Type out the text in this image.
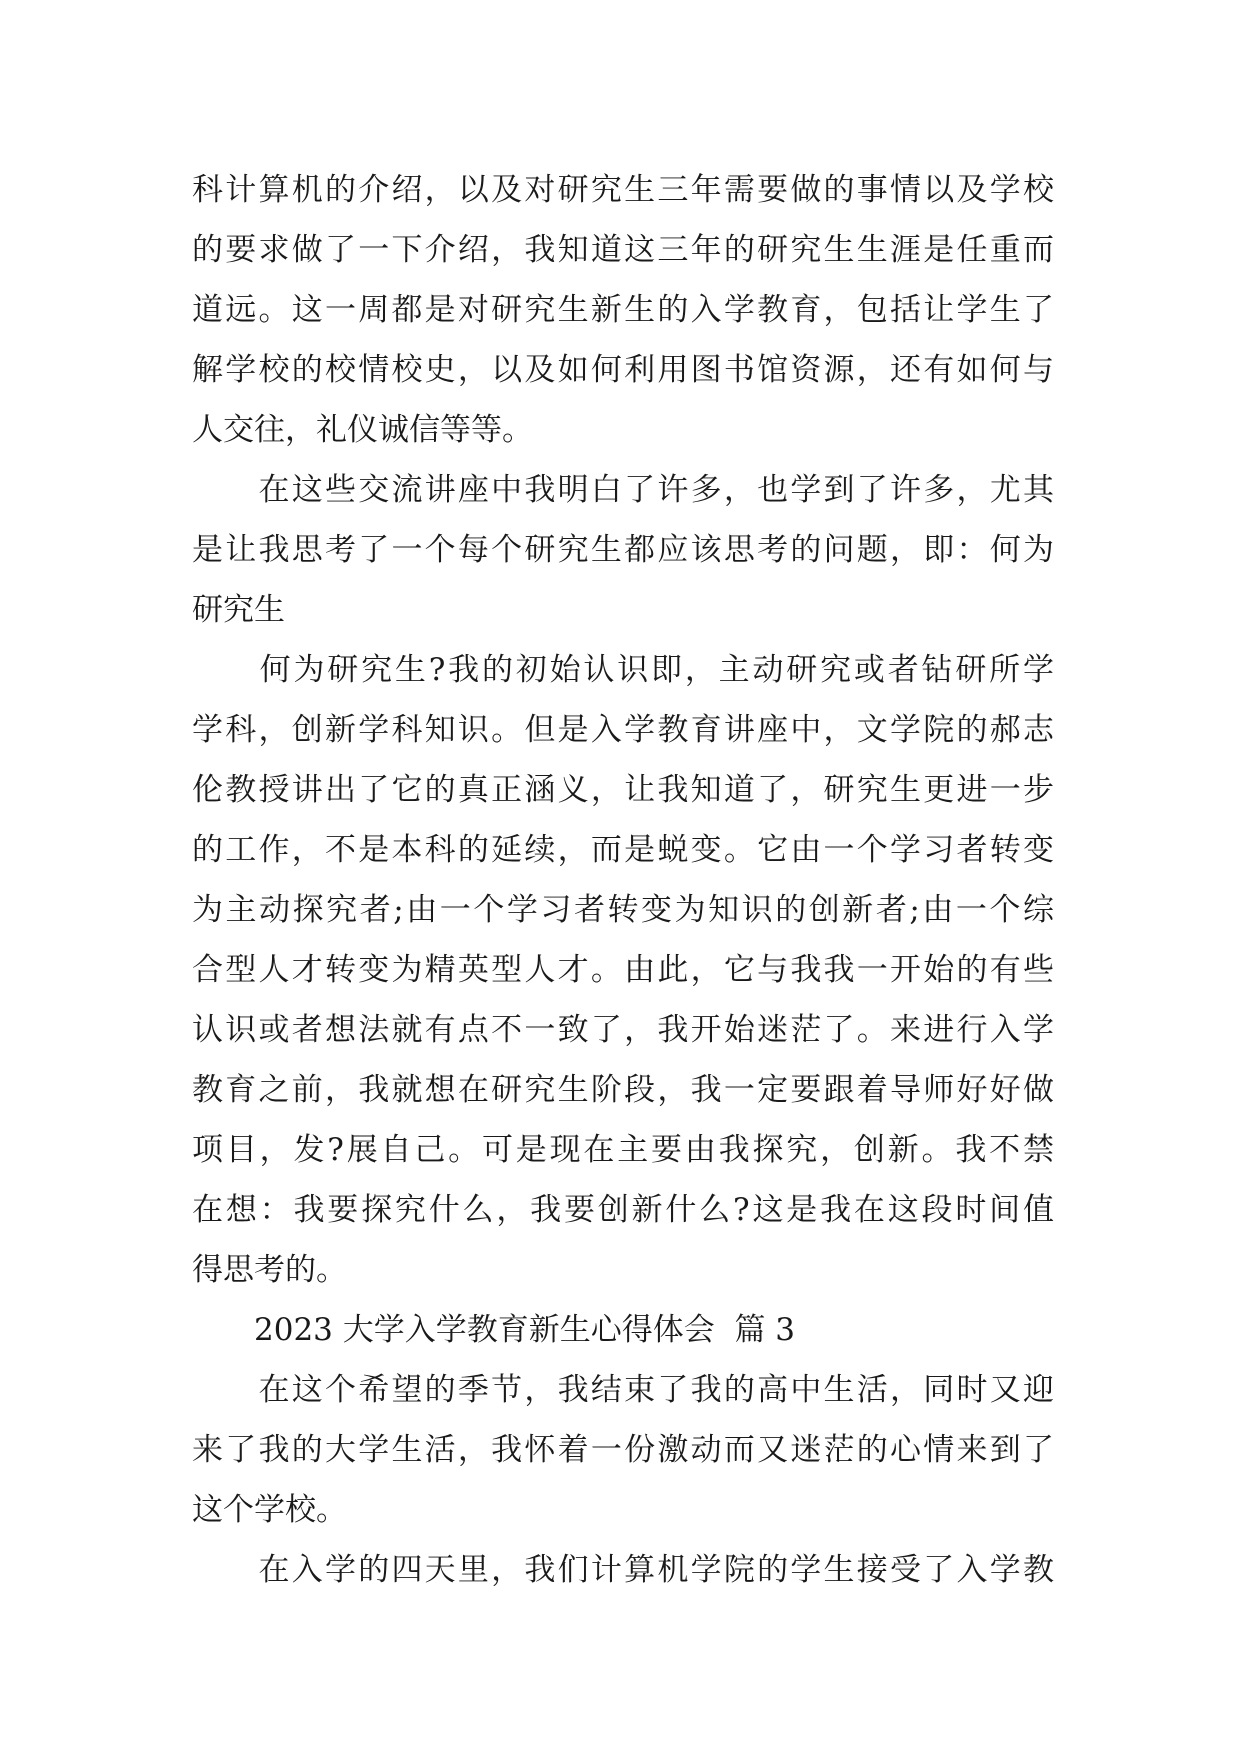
科计算机的介绍，以及对研究生三年需要做的事情以及学校
的要求做了一下介绍，我知道这三年的研究生生涯是任重而
道远。这一周都是对研究生新生的入学教育，包括让学生了
解学校的校情校史，以及如何利用图书馆资源，还有如何与
人交往，礼仪诚信等等。
　　在这些交流讲座中我明白了许多，也学到了许多，尤其
是让我思考了一个每个研究生都应该思考的问题，即：何为
研究生
　　何为研究生?我的初始认识即，主动研究或者钻研所学
学科，创新学科知识。但是入学教育讲座中，文学院的郝志
伦教授讲出了它的真正涵义，让我知道了，研究生更进一步
的工作，不是本科的延续，而是蜕变。它由一个学习者转变
为主动探究者;由一个学习者转变为知识的创新者;由一个综
合型人才转变为精英型人才。由此，它与我我一开始的有些
认识或者想法就有点不一致了，我开始迷茫了。来进行入学
教育之前，我就想在研究生阶段，我一定要跟着导师好好做
项目，发?展自己。可是现在主要由我探究，创新。我不禁
在想：我要探究什么，我要创新什么?这是我在这段时间值
得思考的。
　　2023 大学入学教育新生心得体会  篇 3
　　在这个希望的季节，我结束了我的高中生活，同时又迎
来了我的大学生活，我怀着一份激动而又迷茫的心情来到了
这个学校。
　　在入学的四天里，我们计算机学院的学生接受了入学教
